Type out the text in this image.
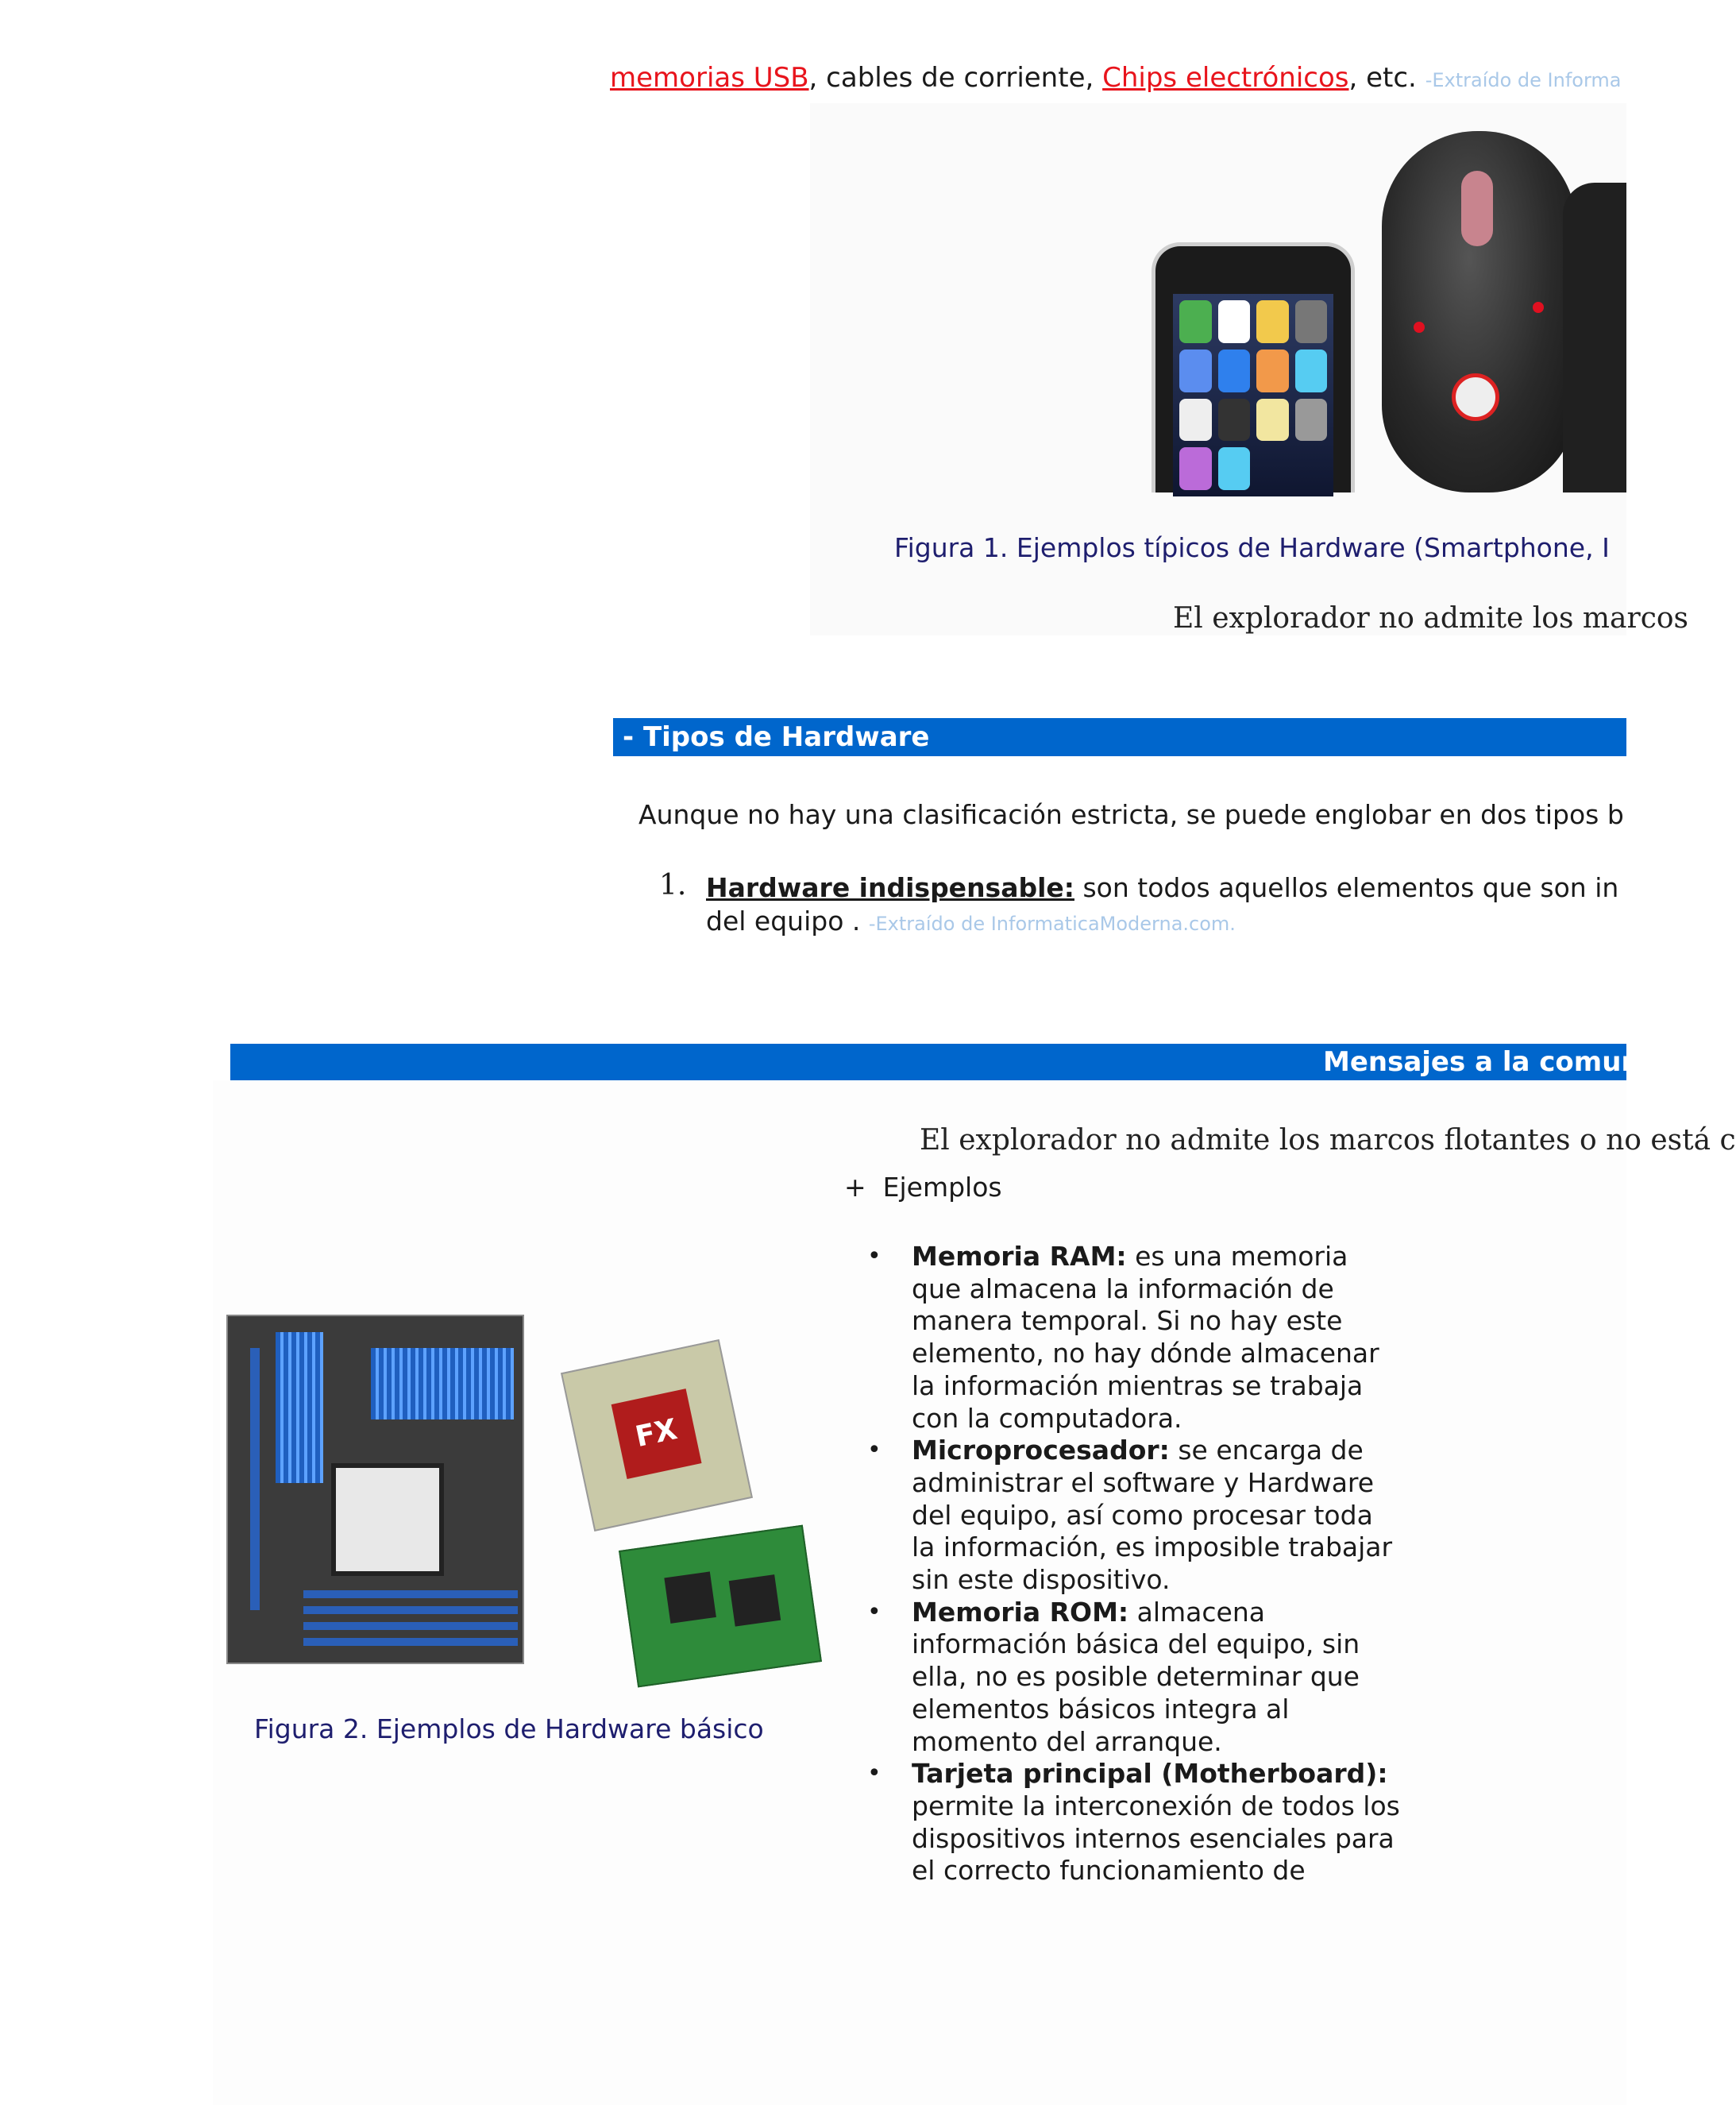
memorias USB, cables de corriente, Chips electrónicos, etc. -Extraído de Informa
Figura 1. Ejemplos típicos de Hardware (Smartphone, I
El explorador no admite los marcos
- Tipos de Hardware
Aunque no hay una clasificación estricta, se puede englobar en dos tipos b
1. Hardware indispensable: son todos aquellos elementos que son in
del equipo . -Extraído de InformaticaModerna.com.
Mensajes a la comun
El explorador no admite los marcos flotantes o no está c
+ Ejemplos
FX
Figura 2. Ejemplos de Hardware básico
• Memoria RAM: es una memoria que almacena la información de manera temporal. Si no hay este elemento, no hay dónde almacenar la información mientras se trabaja con la computadora.
• Microprocesador: se encarga de administrar el software y Hardware del equipo, así como procesar toda la información, es imposible trabajar sin este dispositivo.
• Memoria ROM: almacena información básica del equipo, sin ella, no es posible determinar que elementos básicos integra al momento del arranque.
• Tarjeta principal (Motherboard): permite la interconexión de todos los dispositivos internos esenciales para el correcto funcionamiento de
